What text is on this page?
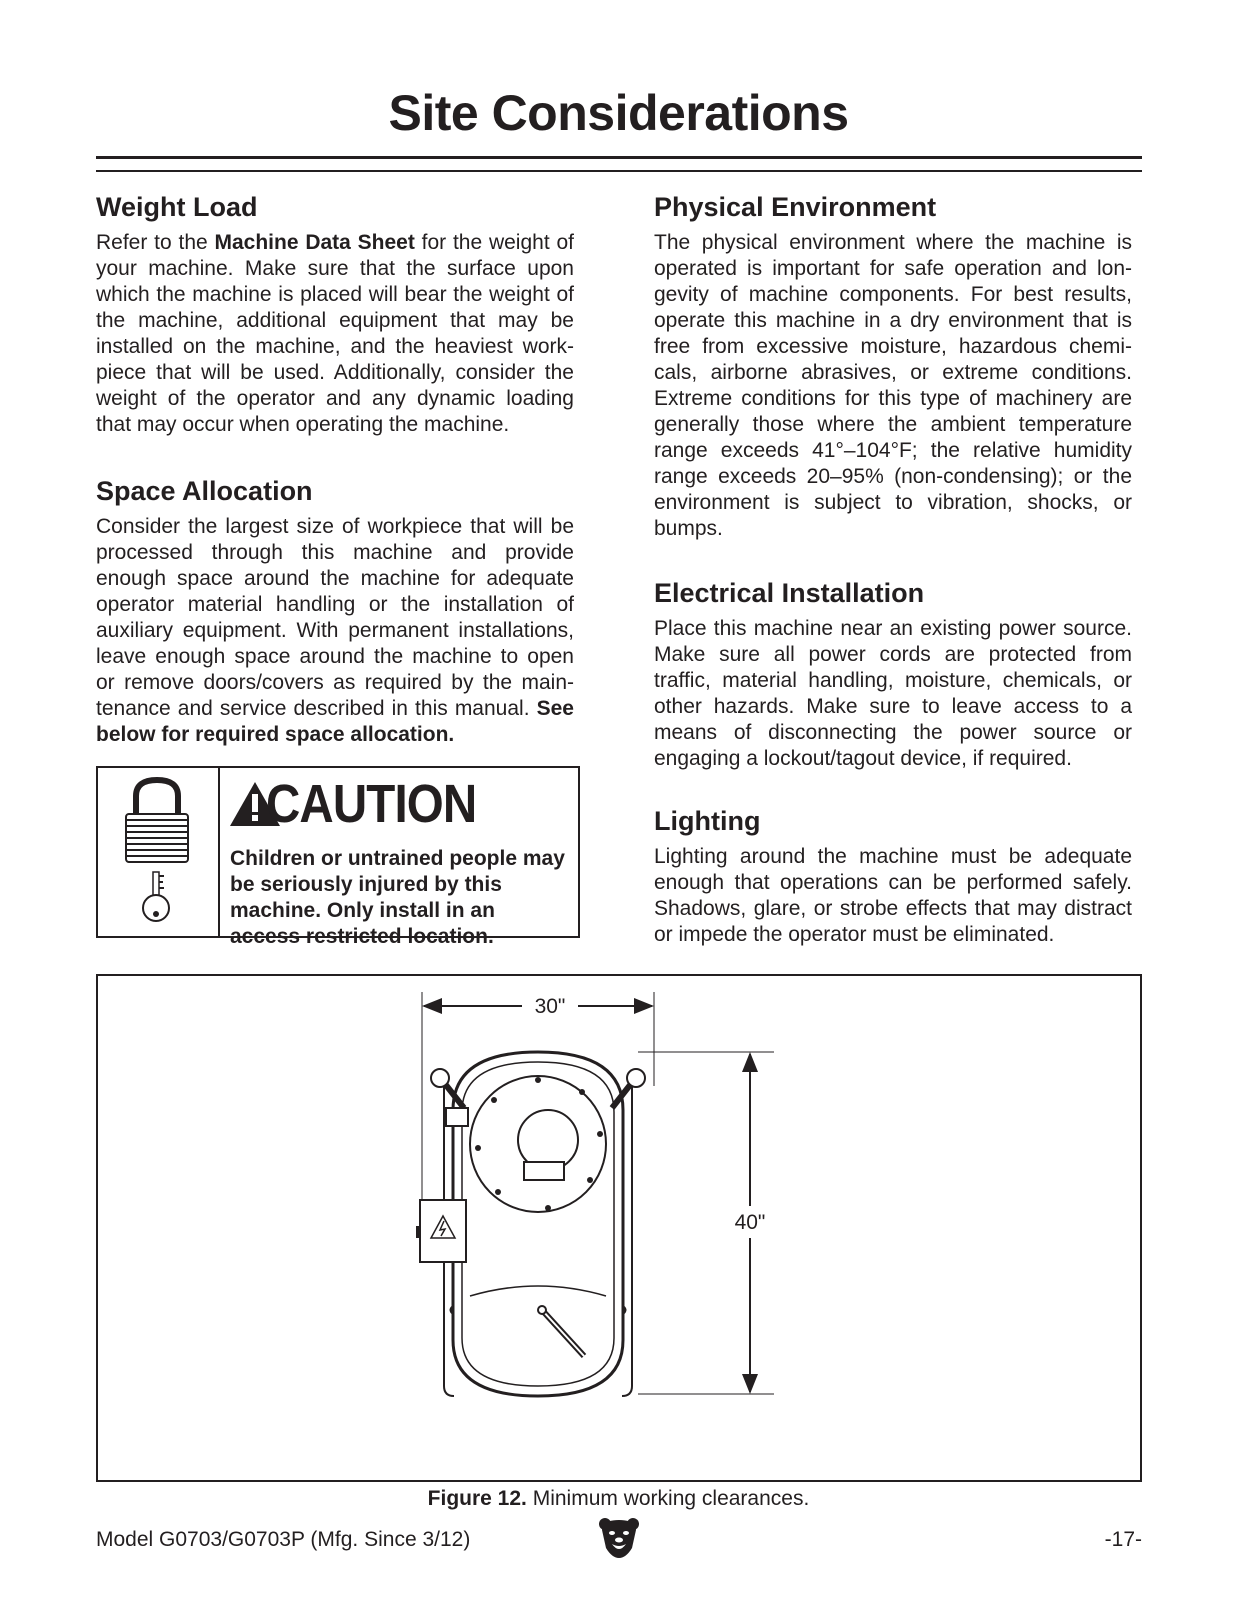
Site Considerations
Weight Load

Refer to the Machine Data Sheet for the weight of your machine. Make sure that the surface upon which the machine is placed will bear the weight of the machine, additional equipment that may be installed on the machine, and the heaviest work-piece that will be used. Additionally, consider the weight of the operator and any dynamic loading that may occur when operating the machine.

Space Allocation

Consider the largest size of workpiece that will be processed through this machine and provide enough space around the machine for adequate operator material handling or the installation of auxiliary equipment. With permanent installations, leave enough space around the machine to open or remove doors/covers as required by the main-tenance and service described in this manual. See below for required space allocation.

CAUTION
Children or untrained people may be seriously injured by this machine. Only install in an access restricted location.
Physical Environment

The physical environment where the machine is operated is important for safe operation and lon-gevity of machine components. For best results, operate this machine in a dry environment that is free from excessive moisture, hazardous chemi-cals, airborne abrasives, or extreme conditions. Extreme conditions for this type of machinery are generally those where the ambient temperature range exceeds 41°–104°F; the relative humidity range exceeds 20–95% (non-condensing); or the environment is subject to vibration, shocks, or bumps.

Electrical Installation

Place this machine near an existing power source. Make sure all power cords are protected from traffic, material handling, moisture, chemicals, or other hazards. Make sure to leave access to a means of disconnecting the power source or engaging a lockout/tagout device, if required.

Lighting

Lighting around the machine must be adequate enough that operations can be performed safely. Shadows, glare, or strobe effects that may distract or impede the operator must be eliminated.

30"
40"
Figure 12. Minimum working clearances.
Model G0703/G0703P (Mfg. Since 3/12)	-17-
